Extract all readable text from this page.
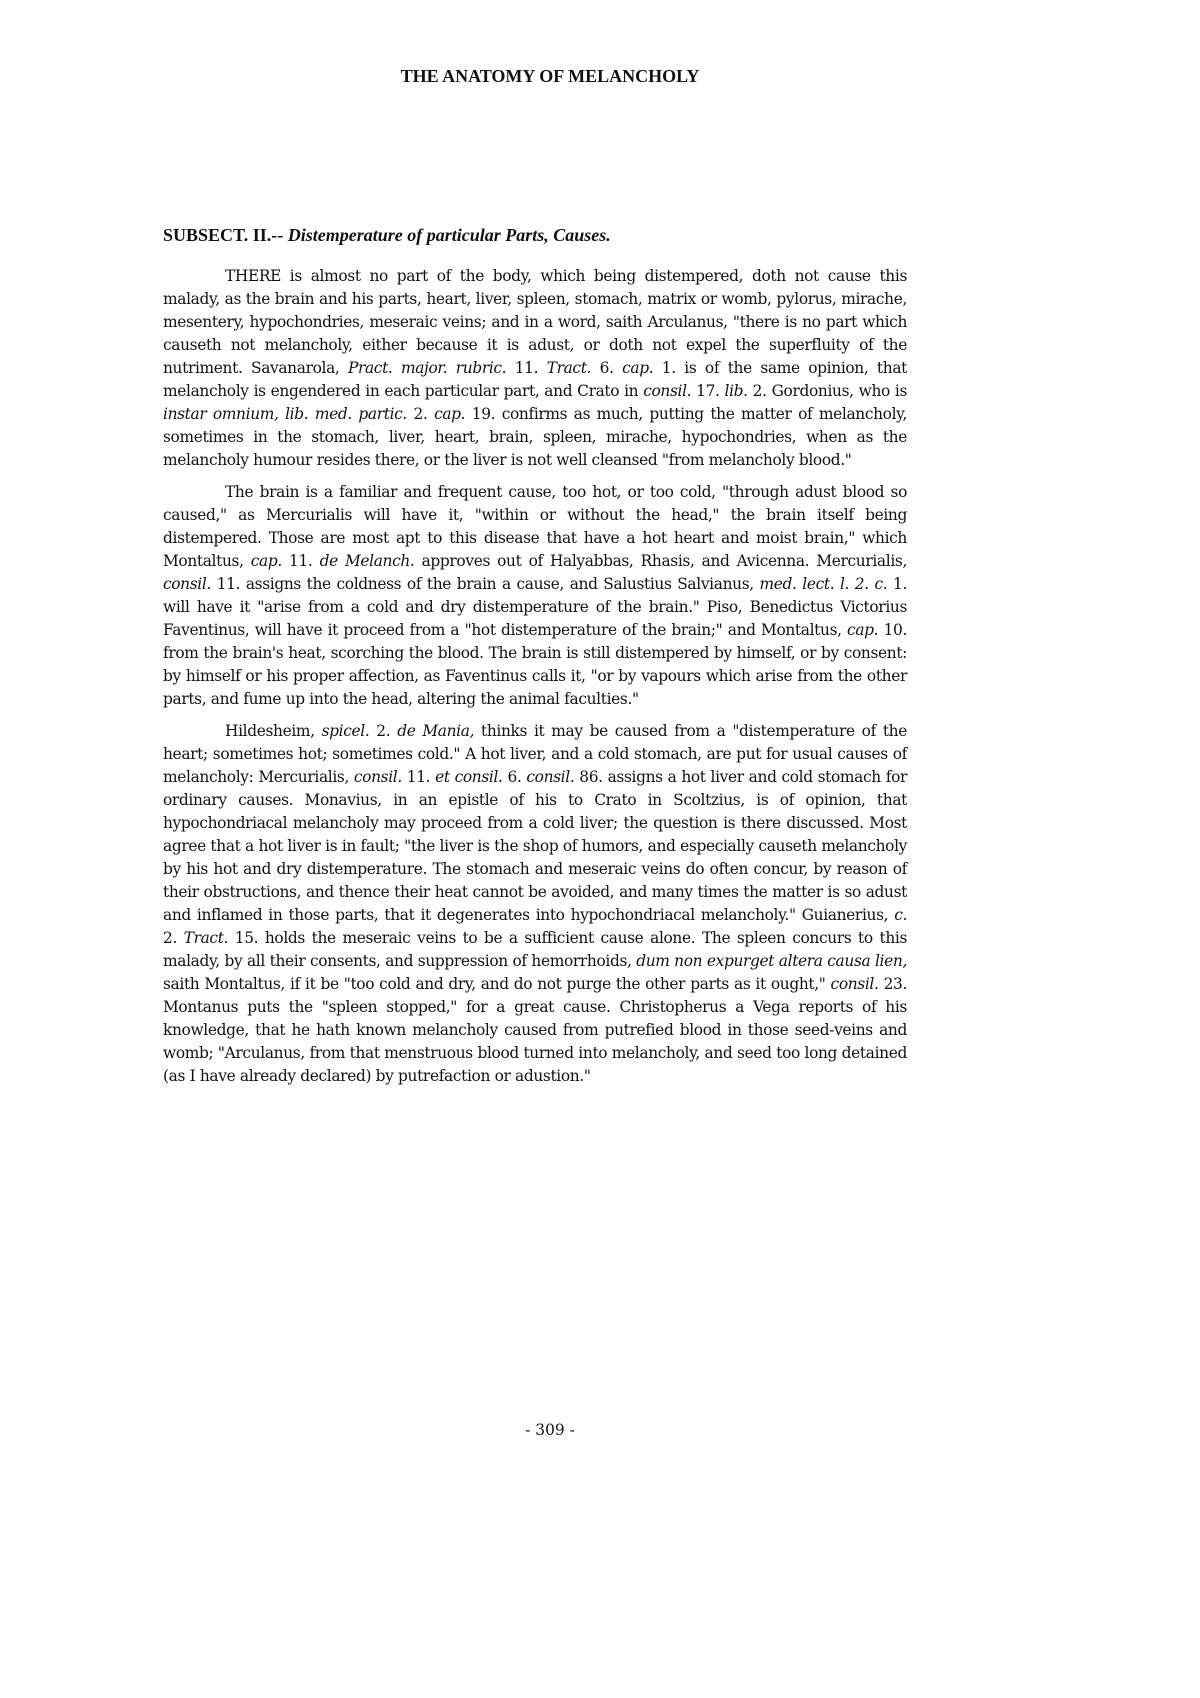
THE ANATOMY OF MELANCHOLY
SUBSECT. II.-- Distemperature of particular Parts, Causes.

THERE is almost no part of the body, which being distempered, doth not cause this malady, as the brain and his parts, heart, liver, spleen, stomach, matrix or womb, pylorus, mirache, mesentery, hypochondries, meseraic veins; and in a word, saith Arculanus, "there is no part which causeth not melancholy, either because it is adust, or doth not expel the superfluity of the nutriment. Savanarola, Pract. major. rubric. 11. Tract. 6. cap. 1. is of the same opinion, that melancholy is engendered in each particular part, and Crato in consil. 17. lib. 2. Gordonius, who is instar omnium, lib. med. partic. 2. cap. 19. confirms as much, putting the matter of melancholy, sometimes in the stomach, liver, heart, brain, spleen, mirache, hypochondries, when as the melancholy humour resides there, or the liver is not well cleansed "from melancholy blood."

The brain is a familiar and frequent cause, too hot, or too cold, "through adust blood so caused," as Mercurialis will have it, "within or without the head," the brain itself being distempered. Those are most apt to this disease that have a hot heart and moist brain," which Montaltus, cap. 11. de Melanch. approves out of Halyabbas, Rhasis, and Avicenna. Mercurialis, consil. 11. assigns the coldness of the brain a cause, and Salustius Salvianus, med. lect. l. 2. c. 1. will have it "arise from a cold and dry distemperature of the brain." Piso, Benedictus Victorius Faventinus, will have it proceed from a "hot distemperature of the brain;" and Montaltus, cap. 10. from the brain's heat, scorching the blood. The brain is still distempered by himself, or by consent: by himself or his proper affection, as Faventinus calls it, "or by vapours which arise from the other parts, and fume up into the head, altering the animal faculties."

Hildesheim, spicel. 2. de Mania, thinks it may be caused from a "distemperature of the heart; sometimes hot; sometimes cold." A hot liver, and a cold stomach, are put for usual causes of melancholy: Mercurialis, consil. 11. et consil. 6. consil. 86. assigns a hot liver and cold stomach for ordinary causes. Monavius, in an epistle of his to Crato in Scoltzius, is of opinion, that hypochondriacal melancholy may proceed from a cold liver; the question is there discussed. Most agree that a hot liver is in fault; "the liver is the shop of humors, and especially causeth melancholy by his hot and dry distemperature. The stomach and meseraic veins do often concur, by reason of their obstructions, and thence their heat cannot be avoided, and many times the matter is so adust and inflamed in those parts, that it degenerates into hypochondriacal melancholy." Guianerius, c. 2. Tract. 15. holds the meseraic veins to be a sufficient cause alone. The spleen concurs to this malady, by all their consents, and suppression of hemorrhoids, dum non expurget altera causa lien, saith Montaltus, if it be "too cold and dry, and do not purge the other parts as it ought," consil. 23. Montanus puts the "spleen stopped," for a great cause. Christopherus a Vega reports of his knowledge, that he hath known melancholy caused from putrefied blood in those seed-veins and womb; "Arculanus, from that menstruous blood turned into melancholy, and seed too long detained (as I have already declared) by putrefaction or adustion."

- 309 -
